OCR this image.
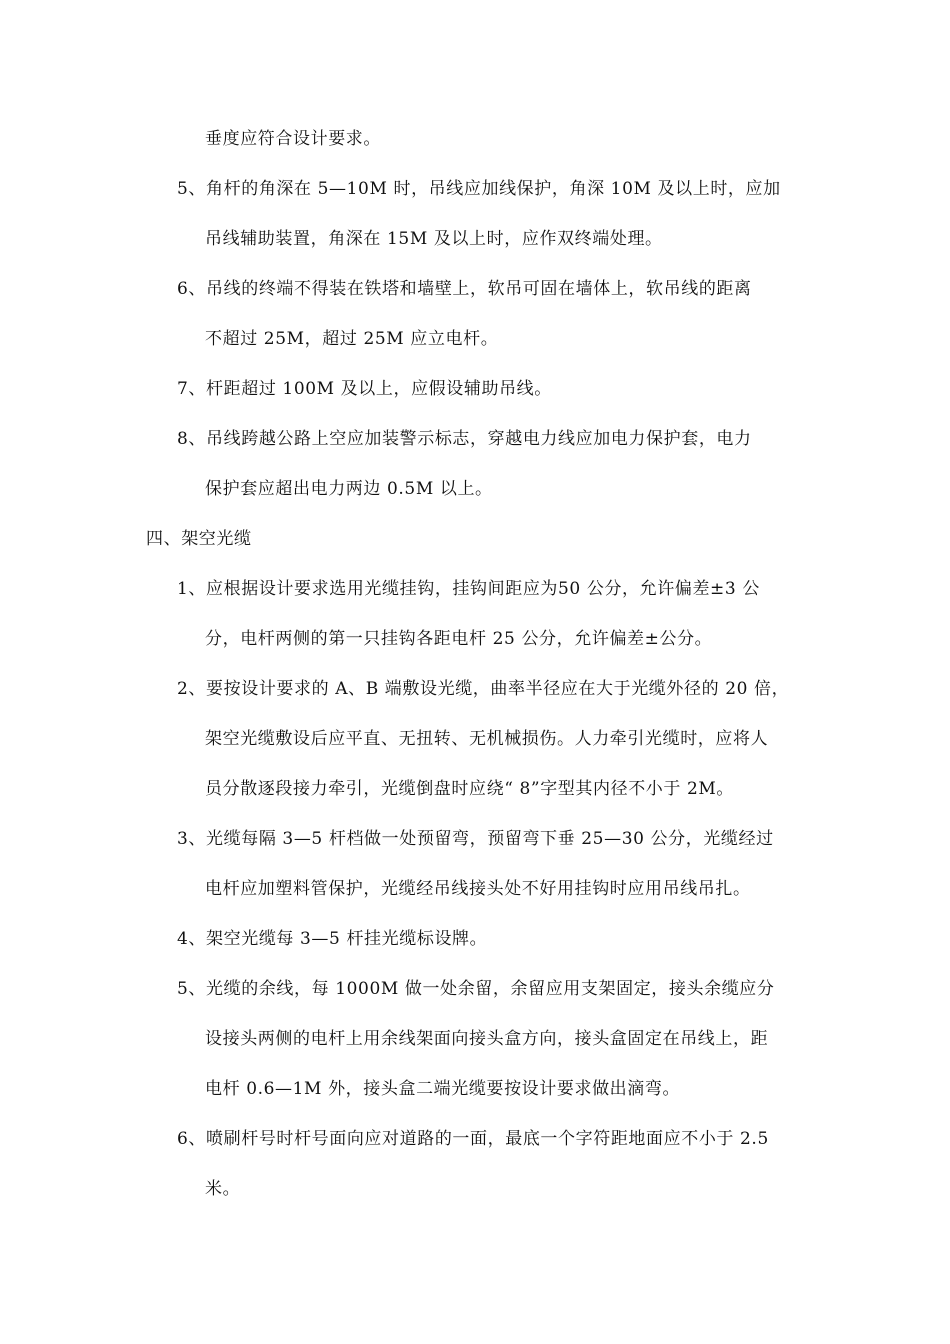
垂度应符合设计要求。
5、角杆的角深在 5—10M 时，吊线应加线保护，角深 10M 及以上时，应加
吊线辅助装置，角深在 15M 及以上时，应作双终端处理。
6、吊线的终端不得装在铁塔和墙壁上，软吊可固在墙体上，软吊线的距离
不超过 25M，超过 25M 应立电杆。
7、杆距超过 100M 及以上，应假设辅助吊线。
8、吊线跨越公路上空应加装警示标志，穿越电力线应加电力保护套，电力
保护套应超出电力两边 0.5M 以上。
四、架空光缆
1、应根据设计要求选用光缆挂钩，挂钩间距应为50 公分，允许偏差±3 公
分，电杆两侧的第一只挂钩各距电杆 25 公分，允许偏差±公分。
2、要按设计要求的 A、B 端敷设光缆，曲率半径应在大于光缆外径的 20 倍，
架空光缆敷设后应平直、无扭转、无机械损伤。人力牵引光缆时，应将人
员分散逐段接力牵引，光缆倒盘时应绕“ 8”字型其内径不小于 2M。
3、光缆每隔 3—5 杆档做一处预留弯，预留弯下垂 25—30 公分，光缆经过
电杆应加塑料管保护，光缆经吊线接头处不好用挂钩时应用吊线吊扎。
4、架空光缆每 3—5 杆挂光缆标设牌。
5、光缆的余线，每 1000M 做一处余留，余留应用支架固定，接头余缆应分
设接头两侧的电杆上用余线架面向接头盒方向，接头盒固定在吊线上，距
电杆 0.6—1M 外，接头盒二端光缆要按设计要求做出滴弯。
6、喷刷杆号时杆号面向应对道路的一面，最底一个字符距地面应不小于 2.5
米。
